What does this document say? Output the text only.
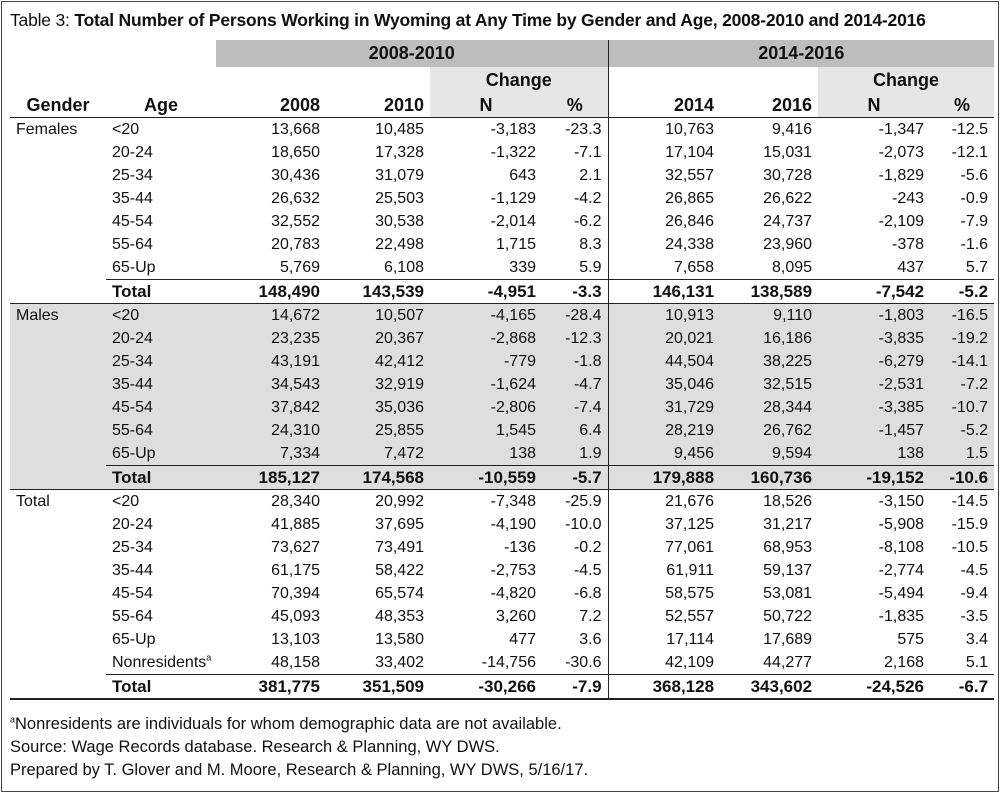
Table 3: Total Number of Persons Working in Wyoming at Any Time by Gender and Age, 2008-2010 and 2014-2016
		2008-2010				2014-2016			
				Change				Change	
Gender	Age	2008	2010	N	%	2014	2016	N	%
Females	<20	13,668	10,485	-3,183	-23.3	10,763	9,416	-1,347	-12.5
	20-24	18,650	17,328	-1,322	-7.1	17,104	15,031	-2,073	-12.1
	25-34	30,436	31,079	643	2.1	32,557	30,728	-1,829	-5.6
	35-44	26,632	25,503	-1,129	-4.2	26,865	26,622	-243	-0.9
	45-54	32,552	30,538	-2,014	-6.2	26,846	24,737	-2,109	-7.9
	55-64	20,783	22,498	1,715	8.3	24,338	23,960	-378	-1.6
	65-Up	5,769	6,108	339	5.9	7,658	8,095	437	5.7
	Total	148,490	143,539	-4,951	-3.3	146,131	138,589	-7,542	-5.2
Males	<20	14,672	10,507	-4,165	-28.4	10,913	9,110	-1,803	-16.5
	20-24	23,235	20,367	-2,868	-12.3	20,021	16,186	-3,835	-19.2
	25-34	43,191	42,412	-779	-1.8	44,504	38,225	-6,279	-14.1
	35-44	34,543	32,919	-1,624	-4.7	35,046	32,515	-2,531	-7.2
	45-54	37,842	35,036	-2,806	-7.4	31,729	28,344	-3,385	-10.7
	55-64	24,310	25,855	1,545	6.4	28,219	26,762	-1,457	-5.2
	65-Up	7,334	7,472	138	1.9	9,456	9,594	138	1.5
	Total	185,127	174,568	-10,559	-5.7	179,888	160,736	-19,152	-10.6
Total	<20	28,340	20,992	-7,348	-25.9	21,676	18,526	-3,150	-14.5
	20-24	41,885	37,695	-4,190	-10.0	37,125	31,217	-5,908	-15.9
	25-34	73,627	73,491	-136	-0.2	77,061	68,953	-8,108	-10.5
	35-44	61,175	58,422	-2,753	-4.5	61,911	59,137	-2,774	-4.5
	45-54	70,394	65,574	-4,820	-6.8	58,575	53,081	-5,494	-9.4
	55-64	45,093	48,353	3,260	7.2	52,557	50,722	-1,835	-3.5
	65-Up	13,103	13,580	477	3.6	17,114	17,689	575	3.4
	Nonresidents$^a$	48,158	33,402	-14,756	-30.6	42,109	44,277	2,168	5.1
	Total	381,775	351,509	-30,266	-7.9	368,128	343,602	-24,526	-6.7
$^a$Nonresidents are individuals for whom demographic data are not available.
Source: Wage Records database. Research & Planning, WY DWS.
Prepared by T. Glover and M. Moore, Research & Planning, WY DWS, 5/16/17.
